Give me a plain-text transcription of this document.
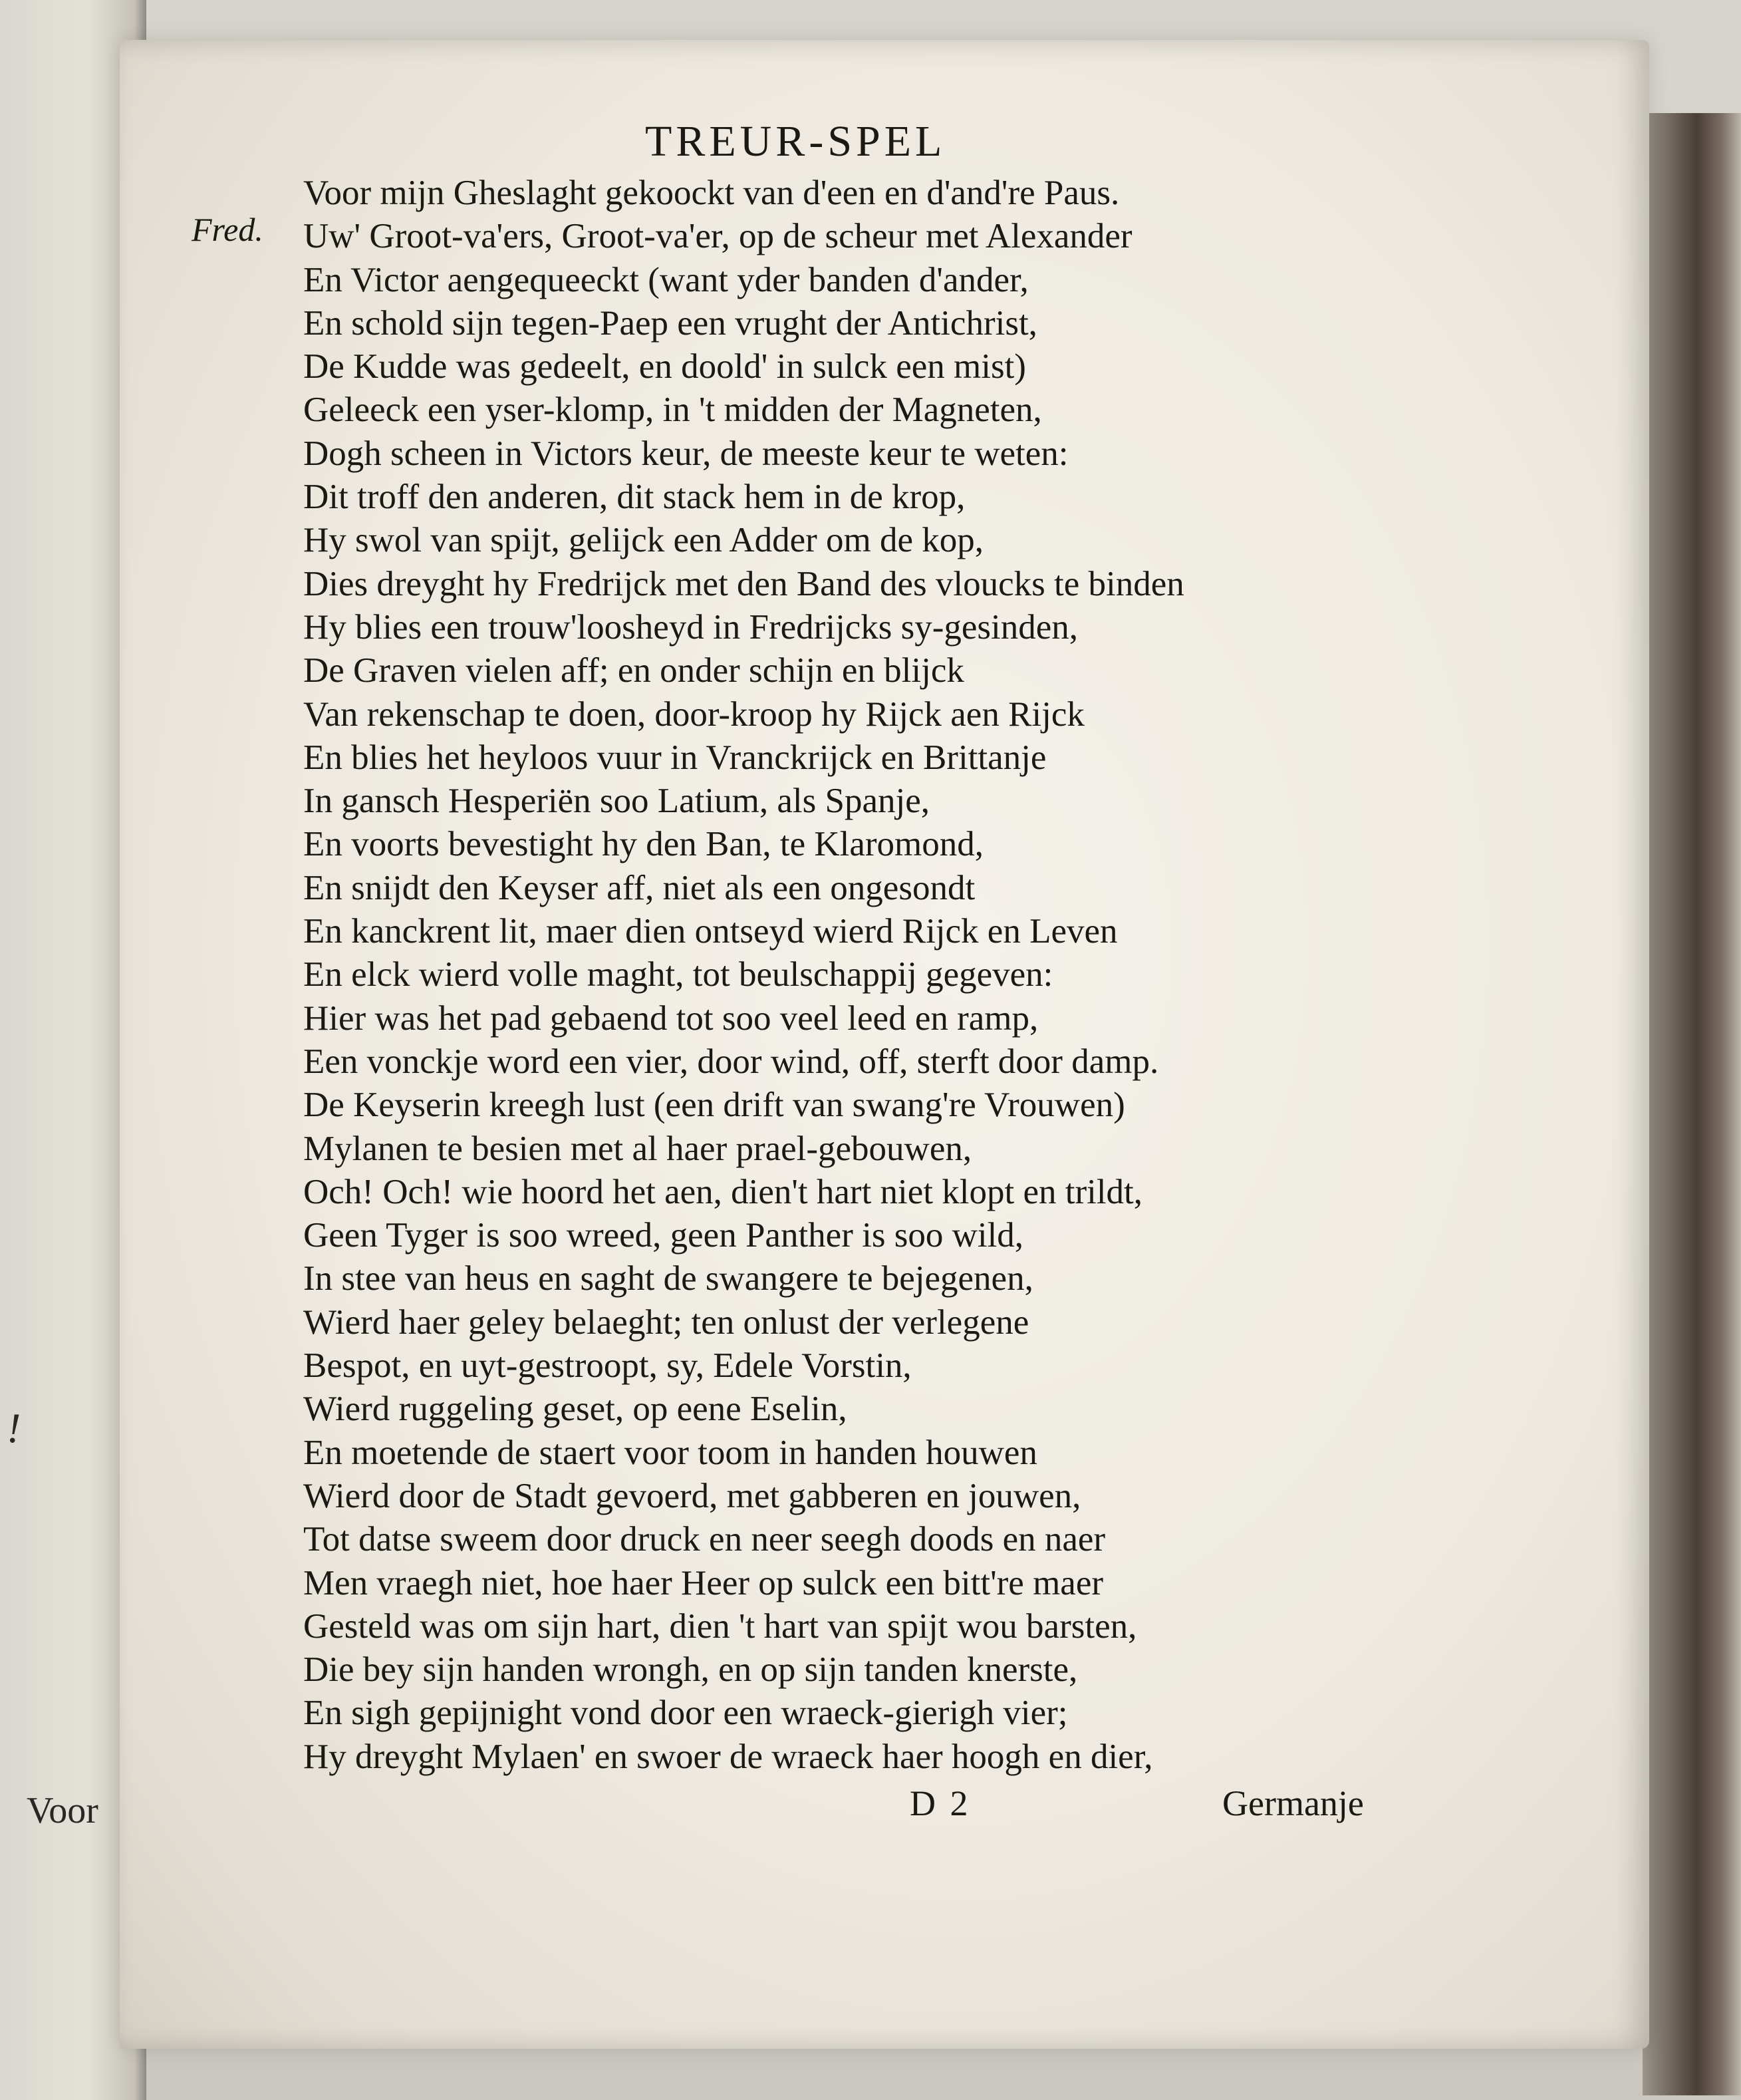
!
Voor
TREUR-SPEL
Fred.
Voor mijn Gheslaght gekoockt van d'een en d'and're Paus.
Uw' Groot-va'ers, Groot-va'er, op de scheur met Alexander
En Victor aengequeeckt (want yder banden d'ander,
En schold sijn tegen-Paep een vrught der Antichrist,
De Kudde was gedeelt, en doold' in sulck een mist)
Geleeck een yser-klomp, in 't midden der Magneten,
Dogh scheen in Victors keur, de meeste keur te weten:
Dit troff den anderen, dit stack hem in de krop,
Hy swol van spijt, gelijck een Adder om de kop,
Dies dreyght hy Fredrijck met den Band des vloucks te binden
Hy blies een trouw'loosheyd in Fredrijcks sy-gesinden,
De Graven vielen aff; en onder schijn en blijck
Van rekenschap te doen, door-kroop hy Rijck aen Rijck
En blies het heyloos vuur in Vranckrijck en Brittanje
In gansch Hesperiën soo Latium, als Spanje,
En voorts bevestight hy den Ban, te Klaromond,
En snijdt den Keyser aff, niet als een ongesondt
En kanckrent lit, maer dien ontseyd wierd Rijck en Leven
En elck wierd volle maght, tot beulschappij gegeven:
Hier was het pad gebaend tot soo veel leed en ramp,
Een vonckje word een vier, door wind, off, sterft door damp.
De Keyserin kreegh lust (een drift van swang're Vrouwen)
Mylanen te besien met al haer prael-gebouwen,
Och! Och! wie hoord het aen, dien't hart niet klopt en trildt,
Geen Tyger is soo wreed, geen Panther is soo wild,
In stee van heus en saght de swangere te bejegenen,
Wierd haer geley belaeght; ten onlust der verlegene
Bespot, en uyt-gestroopt, sy, Edele Vorstin,
Wierd ruggeling geset, op eene Eselin,
En moetende de staert voor toom in handen houwen
Wierd door de Stadt gevoerd, met gabberen en jouwen,
Tot datse sweem door druck en neer seegh doods en naer
Men vraegh niet, hoe haer Heer op sulck een bitt're maer
Gesteld was om sijn hart, dien 't hart van spijt wou barsten,
Die bey sijn handen wrongh, en op sijn tanden knerste,
En sigh gepijnight vond door een wraeck-gierigh vier;
Hy dreyght Mylaen' en swoer de wraeck haer hoogh en dier,
D 2	Germanje
